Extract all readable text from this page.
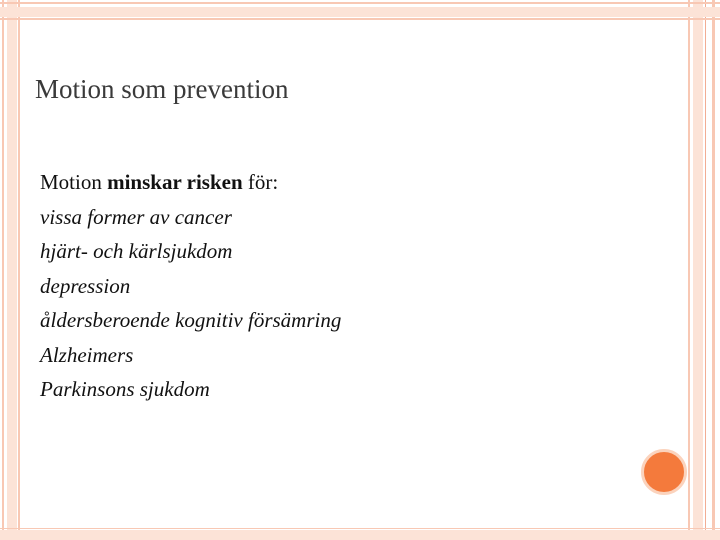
Motion som prevention
Motion minskar risken för:
vissa former av cancer
hjärt- och kärlsjukdom
depression
åldersberoende kognitiv försämring
Alzheimers
Parkinsons sjukdom
